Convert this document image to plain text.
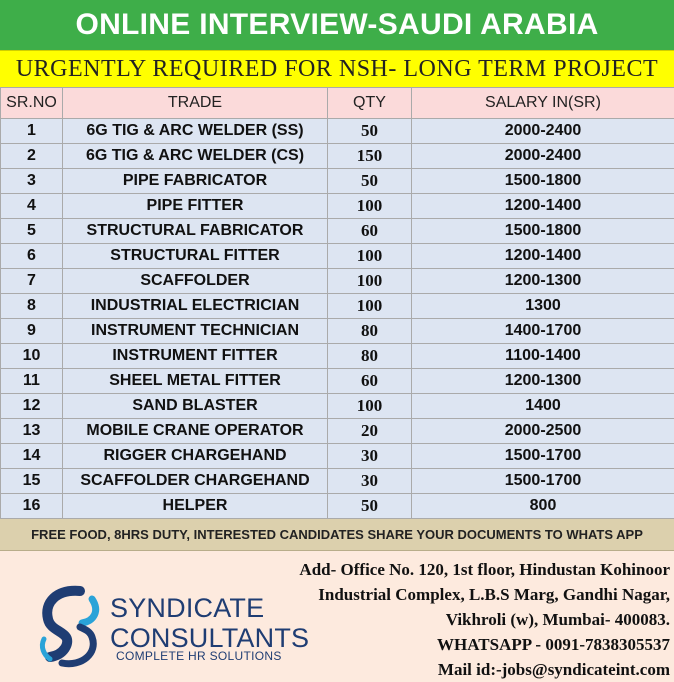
ONLINE INTERVIEW-SAUDI ARABIA
URGENTLY REQUIRED FOR NSH- LONG TERM PROJECT
SR.NO	TRADE	QTY	SALARY IN(SR)
1	6G TIG & ARC WELDER (SS)	50	2000-2400
2	6G TIG & ARC WELDER (CS)	150	2000-2400
3	PIPE FABRICATOR	50	1500-1800
4	PIPE FITTER	100	1200-1400
5	STRUCTURAL FABRICATOR	60	1500-1800
6	STRUCTURAL FITTER	100	1200-1400
7	SCAFFOLDER	100	1200-1300
8	INDUSTRIAL ELECTRICIAN	100	1300
9	INSTRUMENT TECHNICIAN	80	1400-1700
10	INSTRUMENT FITTER	80	1100-1400
11	SHEEL METAL FITTER	60	1200-1300
12	SAND BLASTER	100	1400
13	MOBILE CRANE OPERATOR	20	2000-2500
14	RIGGER CHARGEHAND	30	1500-1700
15	SCAFFOLDER CHARGEHAND	30	1500-1700
16	HELPER	50	800
FREE FOOD, 8HRS DUTY, INTERESTED CANDIDATES SHARE YOUR DOCUMENTS TO WHATS APP
SYNDICATE
CONSULTANTS
COMPLETE HR SOLUTIONS
Add- Office No. 120, 1st floor, Hindustan Kohinoor
Industrial Complex, L.B.S Marg, Gandhi Nagar,
Vikhroli (w), Mumbai- 400083.
WHATSAPP - 0091-7838305537
Mail id:-jobs@syndicateint.com
